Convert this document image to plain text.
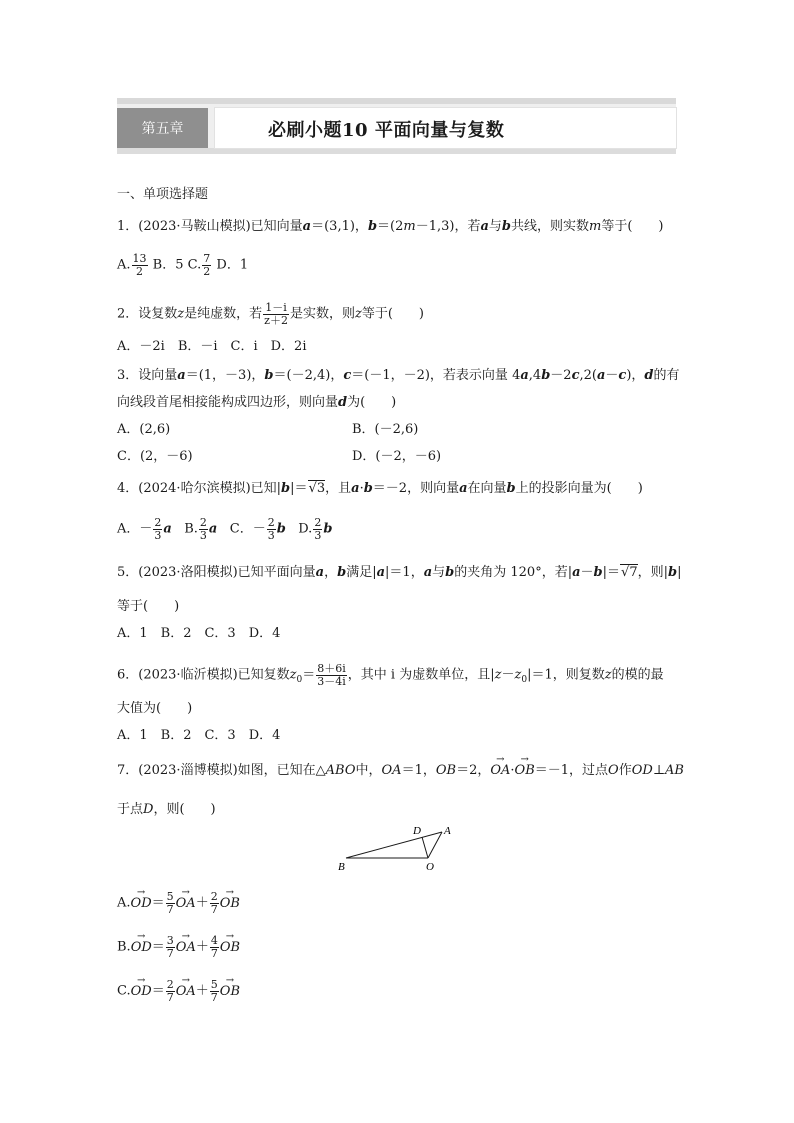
第五章	必刷小题10 平面向量与复数
一、单项选择题
1．(2023·马鞍山模拟)已知向量a＝(3,1)，b＝(2m－1,3)，若a与b共线，则实数m等于(　　)
A. $\frac{13}{2}$ B．5 C. $\frac{7}{2}$ D．1
2．设复数z是纯虚数，若 $\frac{1-i}{z+2}$ 是实数，则z等于(　　)
A．－2i　B．－i　C．i　D．2i
3．设向量a＝(1，－3)，b＝(－2,4)，c＝(－1，－2)，若表示向量 4a,4b－2c,2(a－c)，d的有
向线段首尾相接能构成四边形，则向量d为(　　)
A．(2,6)	B．(－2,6)
C．(2，－6)	D．(－2，－6)
4．(2024·哈尔滨模拟)已知|b|＝√3，且a·b＝－2，则向量a在向量b上的投影向量为(　　)
A．－ $\frac{2}{3}$ a B. $\frac{2}{3}$ a C．－ $\frac{2}{3}$ b D. $\frac{2}{3}$ b
5．(2023·洛阳模拟)已知平面向量a，b满足|a|＝1，a与b的夹角为 120°，若|a－b|＝√7，则|b|
等于(　　)
A．1　B．2　C．3　D．4
6．(2023·临沂模拟)已知复数$z_0= \frac{8+6i}{3-4i}$ ，其中 i 为虚数单位，且$|z-z_0|=1$，则复数z的模的最
大值为(　　)
A．1　B．2　C．3　D．4
7．(2023·淄博模拟)如图，已知在△ABO中，OA＝1，OB＝2，→ OA·→ OB＝－1，过点O作OD⊥AB
于点D，则(　　)
D A
B	O
$A.\to OD= \frac{5}{7}$
→ $OA+ \frac{2}{7}$
→ OB
$B.\to OD= \frac{3}{7}$
→ $OA+ \frac{4}{7}$
→ OB
$C.\to OD= \frac{2}{7}$
→ $OA+ \frac{5}{7}$
→ OB
